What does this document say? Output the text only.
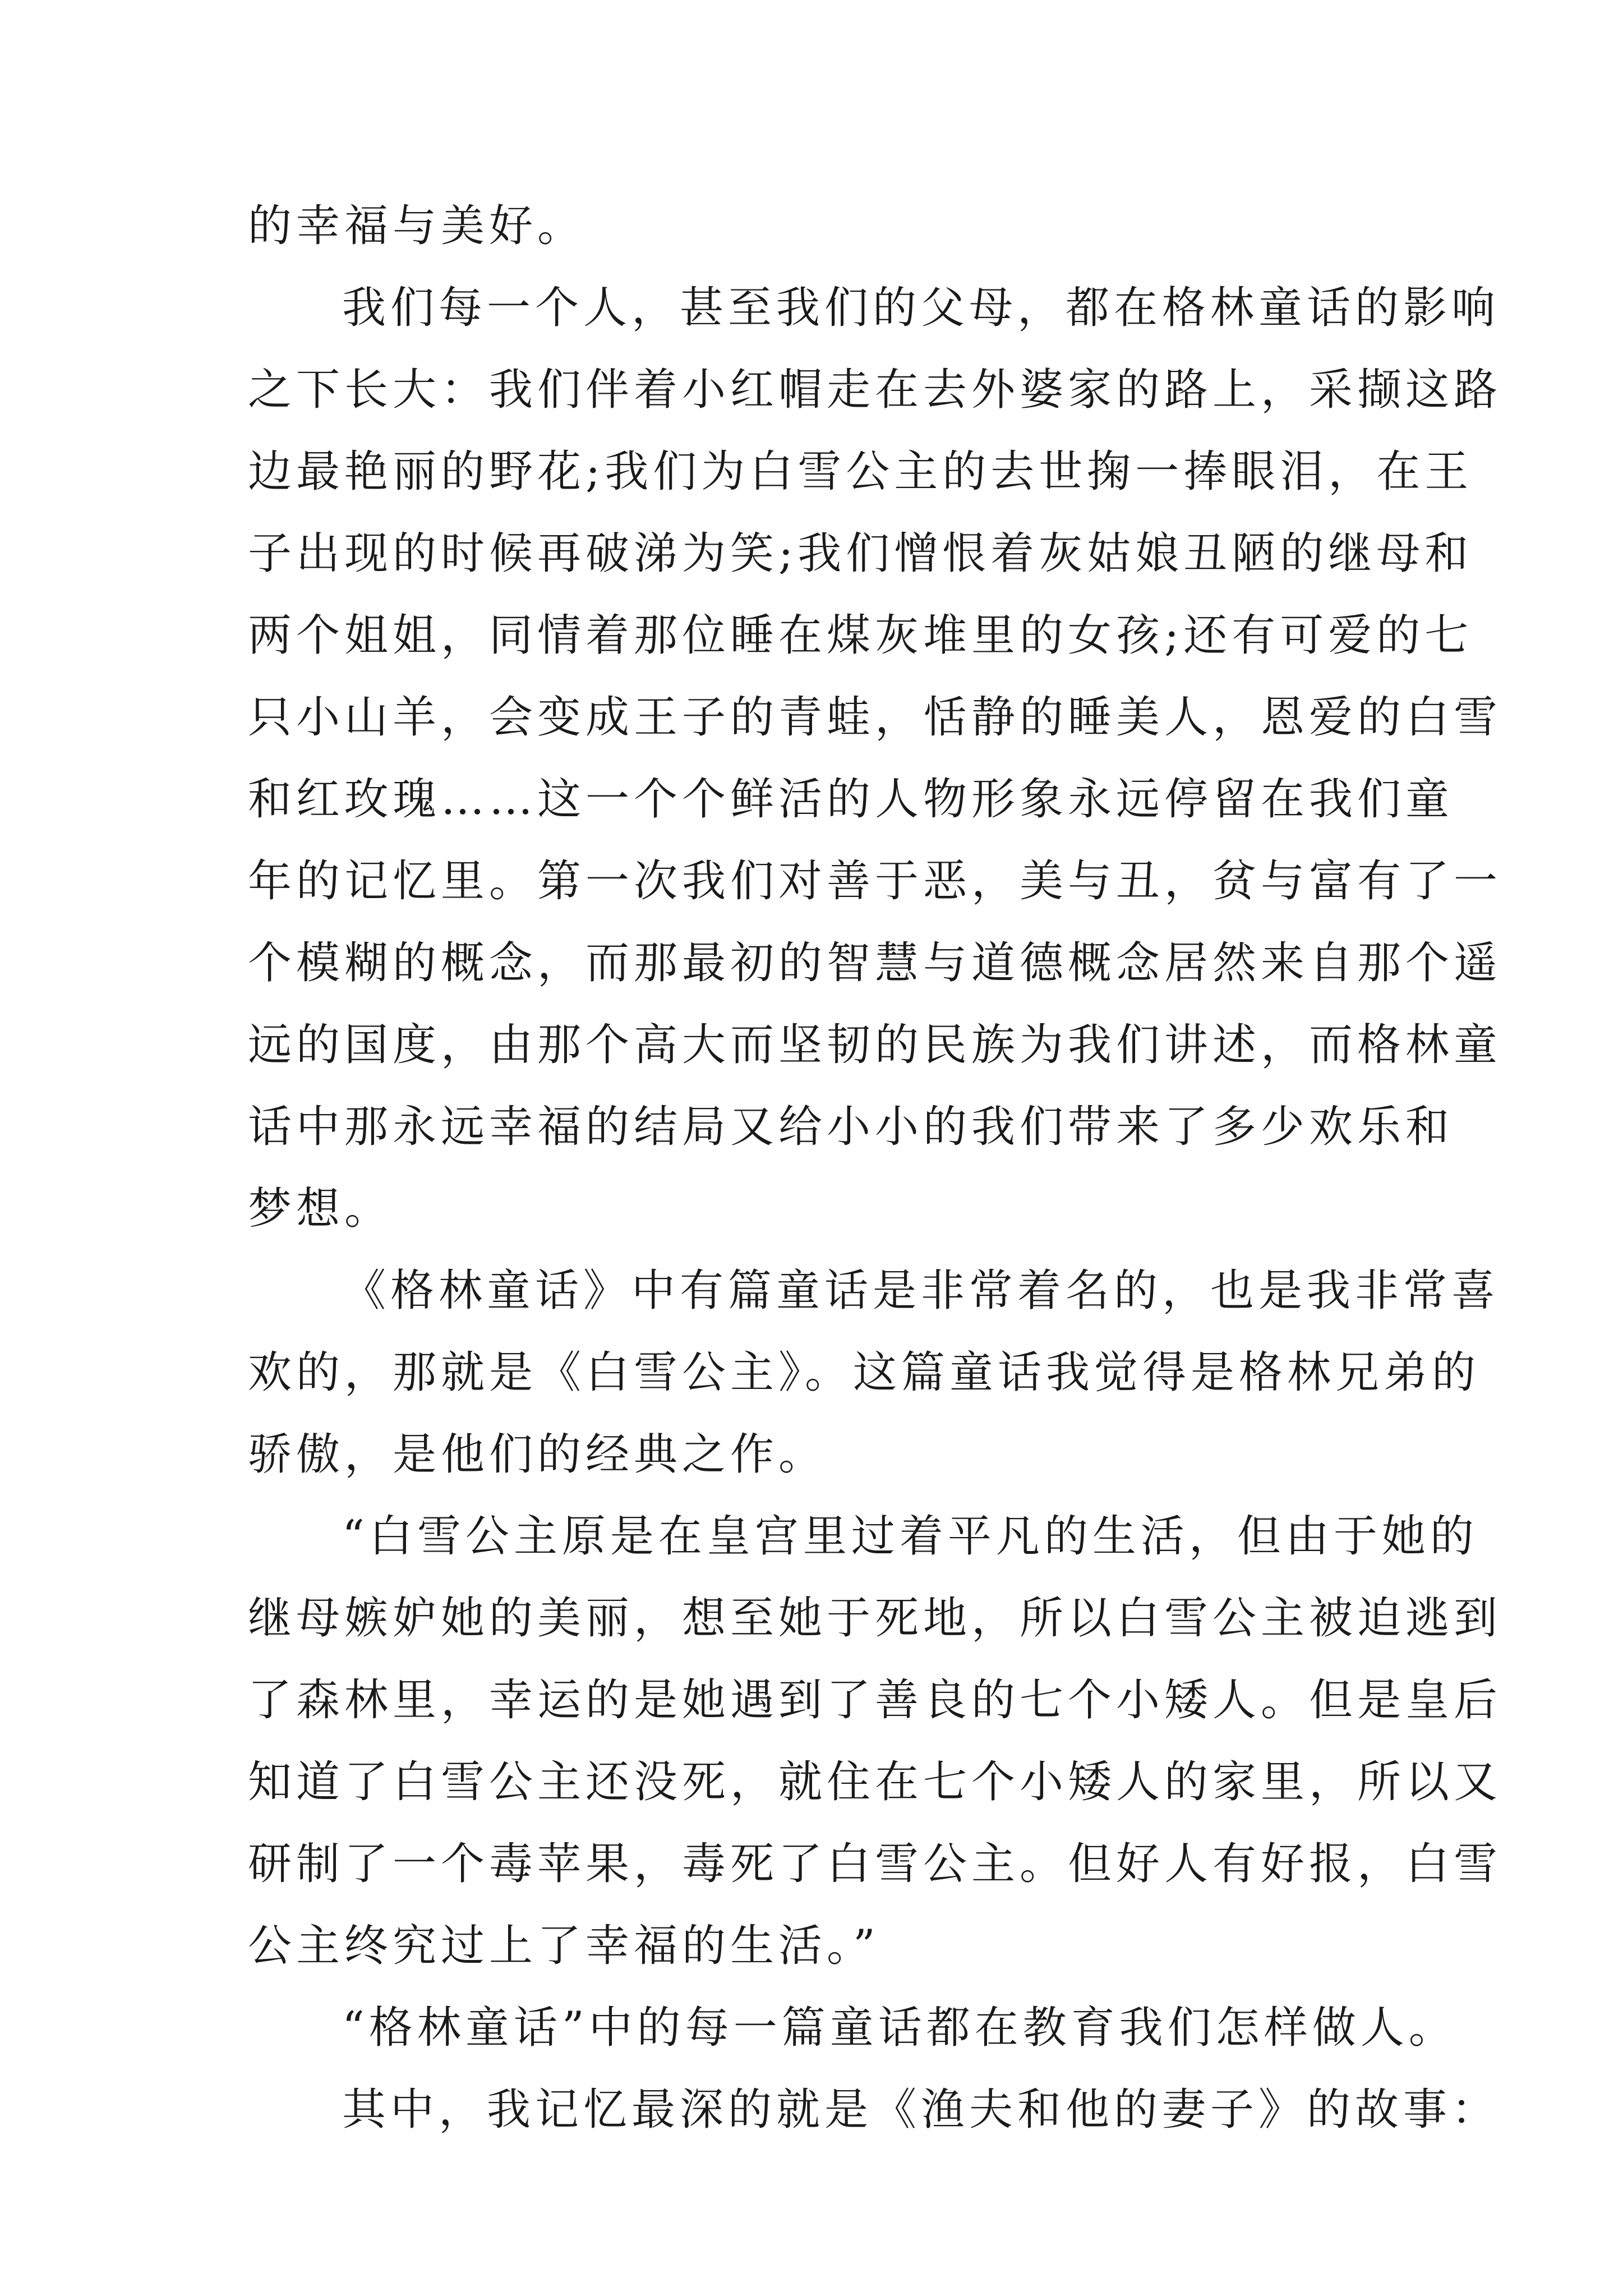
的幸福与美好。
我们每一个人，甚至我们的父母，都在格林童话的影响
之下长大：我们伴着小红帽走在去外婆家的路上，采撷这路
边最艳丽的野花;我们为白雪公主的去世掬一捧眼泪，在王
子出现的时候再破涕为笑;我们憎恨着灰姑娘丑陋的继母和
两个姐姐，同情着那位睡在煤灰堆里的女孩;还有可爱的七
只小山羊，会变成王子的青蛙，恬静的睡美人，恩爱的白雪
和红玫瑰……这一个个鲜活的人物形象永远停留在我们童
年的记忆里。第一次我们对善于恶，美与丑，贫与富有了一
个模糊的概念，而那最初的智慧与道德概念居然来自那个遥
远的国度，由那个高大而坚韧的民族为我们讲述，而格林童
话中那永远幸福的结局又给小小的我们带来了多少欢乐和
梦想。
《格林童话》中有篇童话是非常着名的，也是我非常喜
欢的，那就是《白雪公主》。这篇童话我觉得是格林兄弟的
骄傲，是他们的经典之作。
“白雪公主原是在皇宫里过着平凡的生活，但由于她的
继母嫉妒她的美丽，想至她于死地，所以白雪公主被迫逃到
了森林里，幸运的是她遇到了善良的七个小矮人。但是皇后
知道了白雪公主还没死，就住在七个小矮人的家里，所以又
研制了一个毒苹果，毒死了白雪公主。但好人有好报，白雪
公主终究过上了幸福的生活。”
“格林童话”中的每一篇童话都在教育我们怎样做人。
其中，我记忆最深的就是《渔夫和他的妻子》的故事：
